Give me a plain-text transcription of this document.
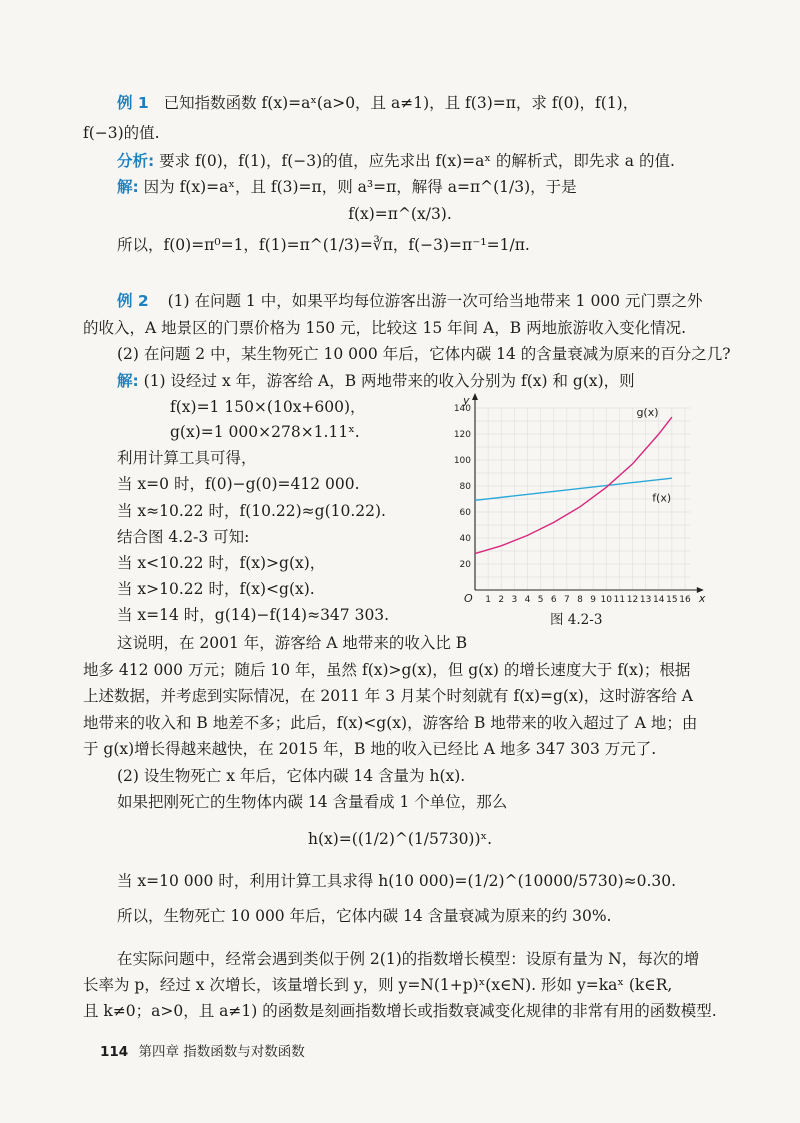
例 1 已知指数函数 f(x)=aˣ(a>0，且 a≠1)，且 f(3)=π，求 f(0)，f(1)，
f(−3)的值.
分析: 要求 f(0)，f(1)，f(−3)的值，应先求出 f(x)=aˣ 的解析式，即先求 a 的值.
解: 因为 f(x)=aˣ，且 f(3)=π，则 a³=π，解得 a=π^(1/3)，于是
f(x)=π^(x/3).
所以，f(0)=π⁰=1，f(1)=π^(1/3)=∛π，f(−3)=π⁻¹=1/π.
例 2 (1) 在问题 1 中，如果平均每位游客出游一次可给当地带来 1 000 元门票之外
的收入，A 地景区的门票价格为 150 元，比较这 15 年间 A，B 两地旅游收入变化情况.
(2) 在问题 2 中，某生物死亡 10 000 年后，它体内碳 14 的含量衰减为原来的百分之几?
解: (1) 设经过 x 年，游客给 A，B 两地带来的收入分别为 f(x) 和 g(x)，则
f(x)=1 150×(10x+600)，
g(x)=1 000×278×1.11ˣ.
利用计算工具可得，
当 x=0 时，f(0)−g(0)=412 000.
当 x≈10.22 时，f(10.22)≈g(10.22).
结合图 4.2-3 可知:
当 x<10.22 时，f(x)>g(x)，
当 x>10.22 时，f(x)<g(x).
当 x=14 时，g(14)−f(14)≈347 303.
1 2 3 4 5 6 7 8 9 10 11 12 13 14 15 16
20
40
60
80
100
120
140	g(x)
f(x)
x
y
O
图 4.2-3
这说明，在 2001 年，游客给 A 地带来的收入比 B
地多 412 000 万元；随后 10 年，虽然 f(x)>g(x)，但 g(x) 的增长速度大于 f(x)；根据
上述数据，并考虑到实际情况，在 2011 年 3 月某个时刻就有 f(x)=g(x)，这时游客给 A
地带来的收入和 B 地差不多；此后，f(x)<g(x)，游客给 B 地带来的收入超过了 A 地；由
于 g(x)增长得越来越快，在 2015 年，B 地的收入已经比 A 地多 347 303 万元了.
(2) 设生物死亡 x 年后，它体内碳 14 含量为 h(x).
如果把刚死亡的生物体内碳 14 含量看成 1 个单位，那么
h(x)=((1/2)^(1/5730))ˣ.
当 x=10 000 时，利用计算工具求得 h(10 000)=(1/2)^(10000/5730)≈0.30.
所以，生物死亡 10 000 年后，它体内碳 14 含量衰减为原来的约 30%.
在实际问题中，经常会遇到类似于例 2(1)的指数增长模型：设原有量为 N，每次的增
长率为 p，经过 x 次增长，该量增长到 y，则 y=N(1+p)ˣ(x∈N). 形如 y=kaˣ (k∈R,
且 k≠0；a>0，且 a≠1) 的函数是刻画指数增长或指数衰减变化规律的非常有用的函数模型.
114 第四章 指数函数与对数函数
